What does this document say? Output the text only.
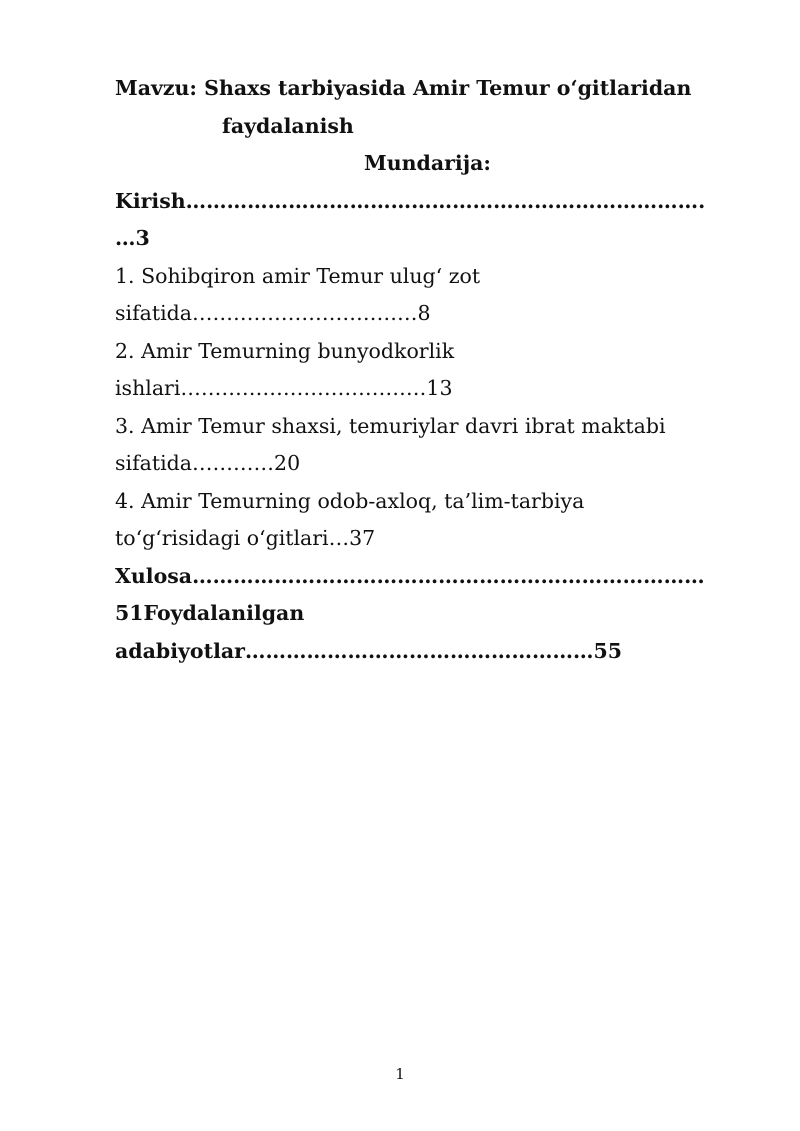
Mavzu: Shaxs tarbiyasida Amir Temur o‘gitlaridan
faydalanish
Mundarija:
Kirish………………………………………………………………….
…3
1. Sohibqiron amir Temur ulug‘ zot
sifatida……………………………8
2. Amir Temurning bunyodkorlik
ishlari………………………………13
3. Amir Temur shaxsi, temuriylar davri ibrat maktabi
sifatida…………20
4. Amir Temurning odob-axloq, ta’lim-tarbiya
to‘g‘risidagi o‘gitlari…37
Xulosa…………………………………………………………………
51Foydalanilgan
adabiyotlar……………………………………………55
1
